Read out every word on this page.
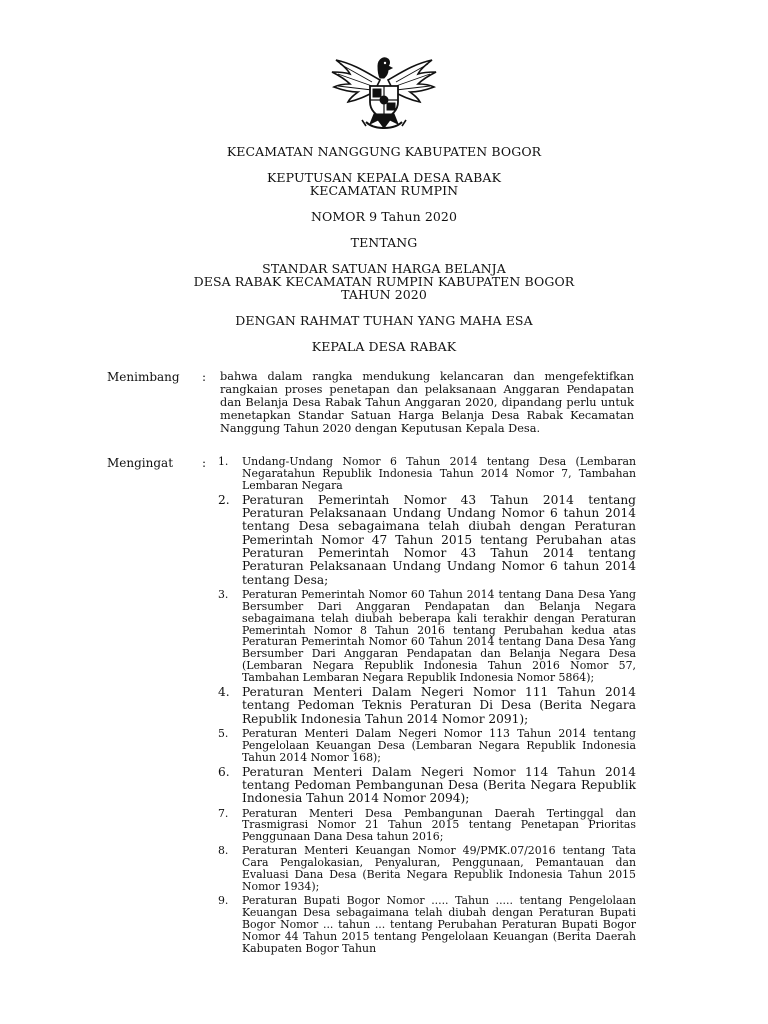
KECAMATAN NANGGUNG KABUPATEN BOGOR
KEPUTUSAN KEPALA DESA RABAK
KECAMATAN RUMPIN
NOMOR 9 Tahun 2020
TENTANG
STANDAR SATUAN HARGA BELANJA
DESA RABAK KECAMATAN RUMPIN KABUPATEN BOGOR
TAHUN 2020
DENGAN RAHMAT TUHAN YANG MAHA ESA
KEPALA DESA RABAK
Menimbang : bahwa dalam rangka mendukung kelancaran dan mengefektifkan rangkaian proses penetapan dan pelaksanaan Anggaran Pendapatan dan Belanja Desa Rabak Tahun Anggaran 2020, dipandang perlu untuk menetapkan Standar Satuan Harga Belanja Desa Rabak Kecamatan Nanggung Tahun 2020 dengan Keputusan Kepala Desa.
Mengingat : 1. Undang-Undang Nomor 6 Tahun 2014 tentang Desa (Lembaran Negaratahun Republik Indonesia Tahun 2014 Nomor 7, Tambahan Lembaran Negara
2. Peraturan Pemerintah Nomor 43 Tahun 2014 tentang Peraturan Pelaksanaan Undang Undang Nomor 6 tahun 2014 tentang Desa sebagaimana telah diubah dengan Peraturan Pemerintah Nomor 47 Tahun 2015 tentang Perubahan atas Peraturan Pemerintah Nomor 43 Tahun 2014 tentang Peraturan Pelaksanaan Undang Undang Nomor 6 tahun 2014 tentang Desa;
3. Peraturan Pemerintah Nomor 60 Tahun 2014 tentang Dana Desa Yang Bersumber Dari Anggaran Pendapatan dan Belanja Negara sebagaimana telah diubah beberapa kali terakhir dengan Peraturan Pemerintah Nomor 8 Tahun 2016 tentang Perubahan kedua atas Peraturan Pemerintah Nomor 60 Tahun 2014 tentang Dana Desa Yang Bersumber Dari Anggaran Pendapatan dan Belanja Negara Desa (Lembaran Negara Republik Indonesia Tahun 2016 Nomor 57, Tambahan Lembaran Negara Republik Indonesia Nomor 5864);
4. Peraturan Menteri Dalam Negeri Nomor 111 Tahun 2014 tentang Pedoman Teknis Peraturan Di Desa (Berita Negara Republik Indonesia Tahun 2014 Nomor 2091);
5. Peraturan Menteri Dalam Negeri Nomor 113 Tahun 2014 tentang Pengelolaan Keuangan Desa (Lembaran Negara Republik Indonesia Tahun 2014 Nomor 168);
6. Peraturan Menteri Dalam Negeri Nomor 114 Tahun 2014 tentang Pedoman Pembangunan Desa (Berita Negara Republik Indonesia Tahun 2014 Nomor 2094);
7. Peraturan Menteri Desa Pembangunan Daerah Tertinggal dan Trasmigrasi Nomor 21 Tahun 2015 tentang Penetapan Prioritas Penggunaan Dana Desa tahun 2016;
8. Peraturan Menteri Keuangan Nomor 49/PMK.07/2016 tentang Tata Cara Pengalokasian, Penyaluran, Penggunaan, Pemantauan dan Evaluasi Dana Desa (Berita Negara Republik Indonesia Tahun 2015 Nomor 1934);
9. Peraturan Bupati Bogor Nomor ..... Tahun ..... tentang Pengelolaan Keuangan Desa sebagaimana telah diubah dengan Peraturan Bupati Bogor Nomor ... tahun ... tentang Perubahan Peraturan Bupati Bogor Nomor 44 Tahun 2015 tentang Pengelolaan Keuangan (Berita Daerah Kabupaten Bogor Tahun
